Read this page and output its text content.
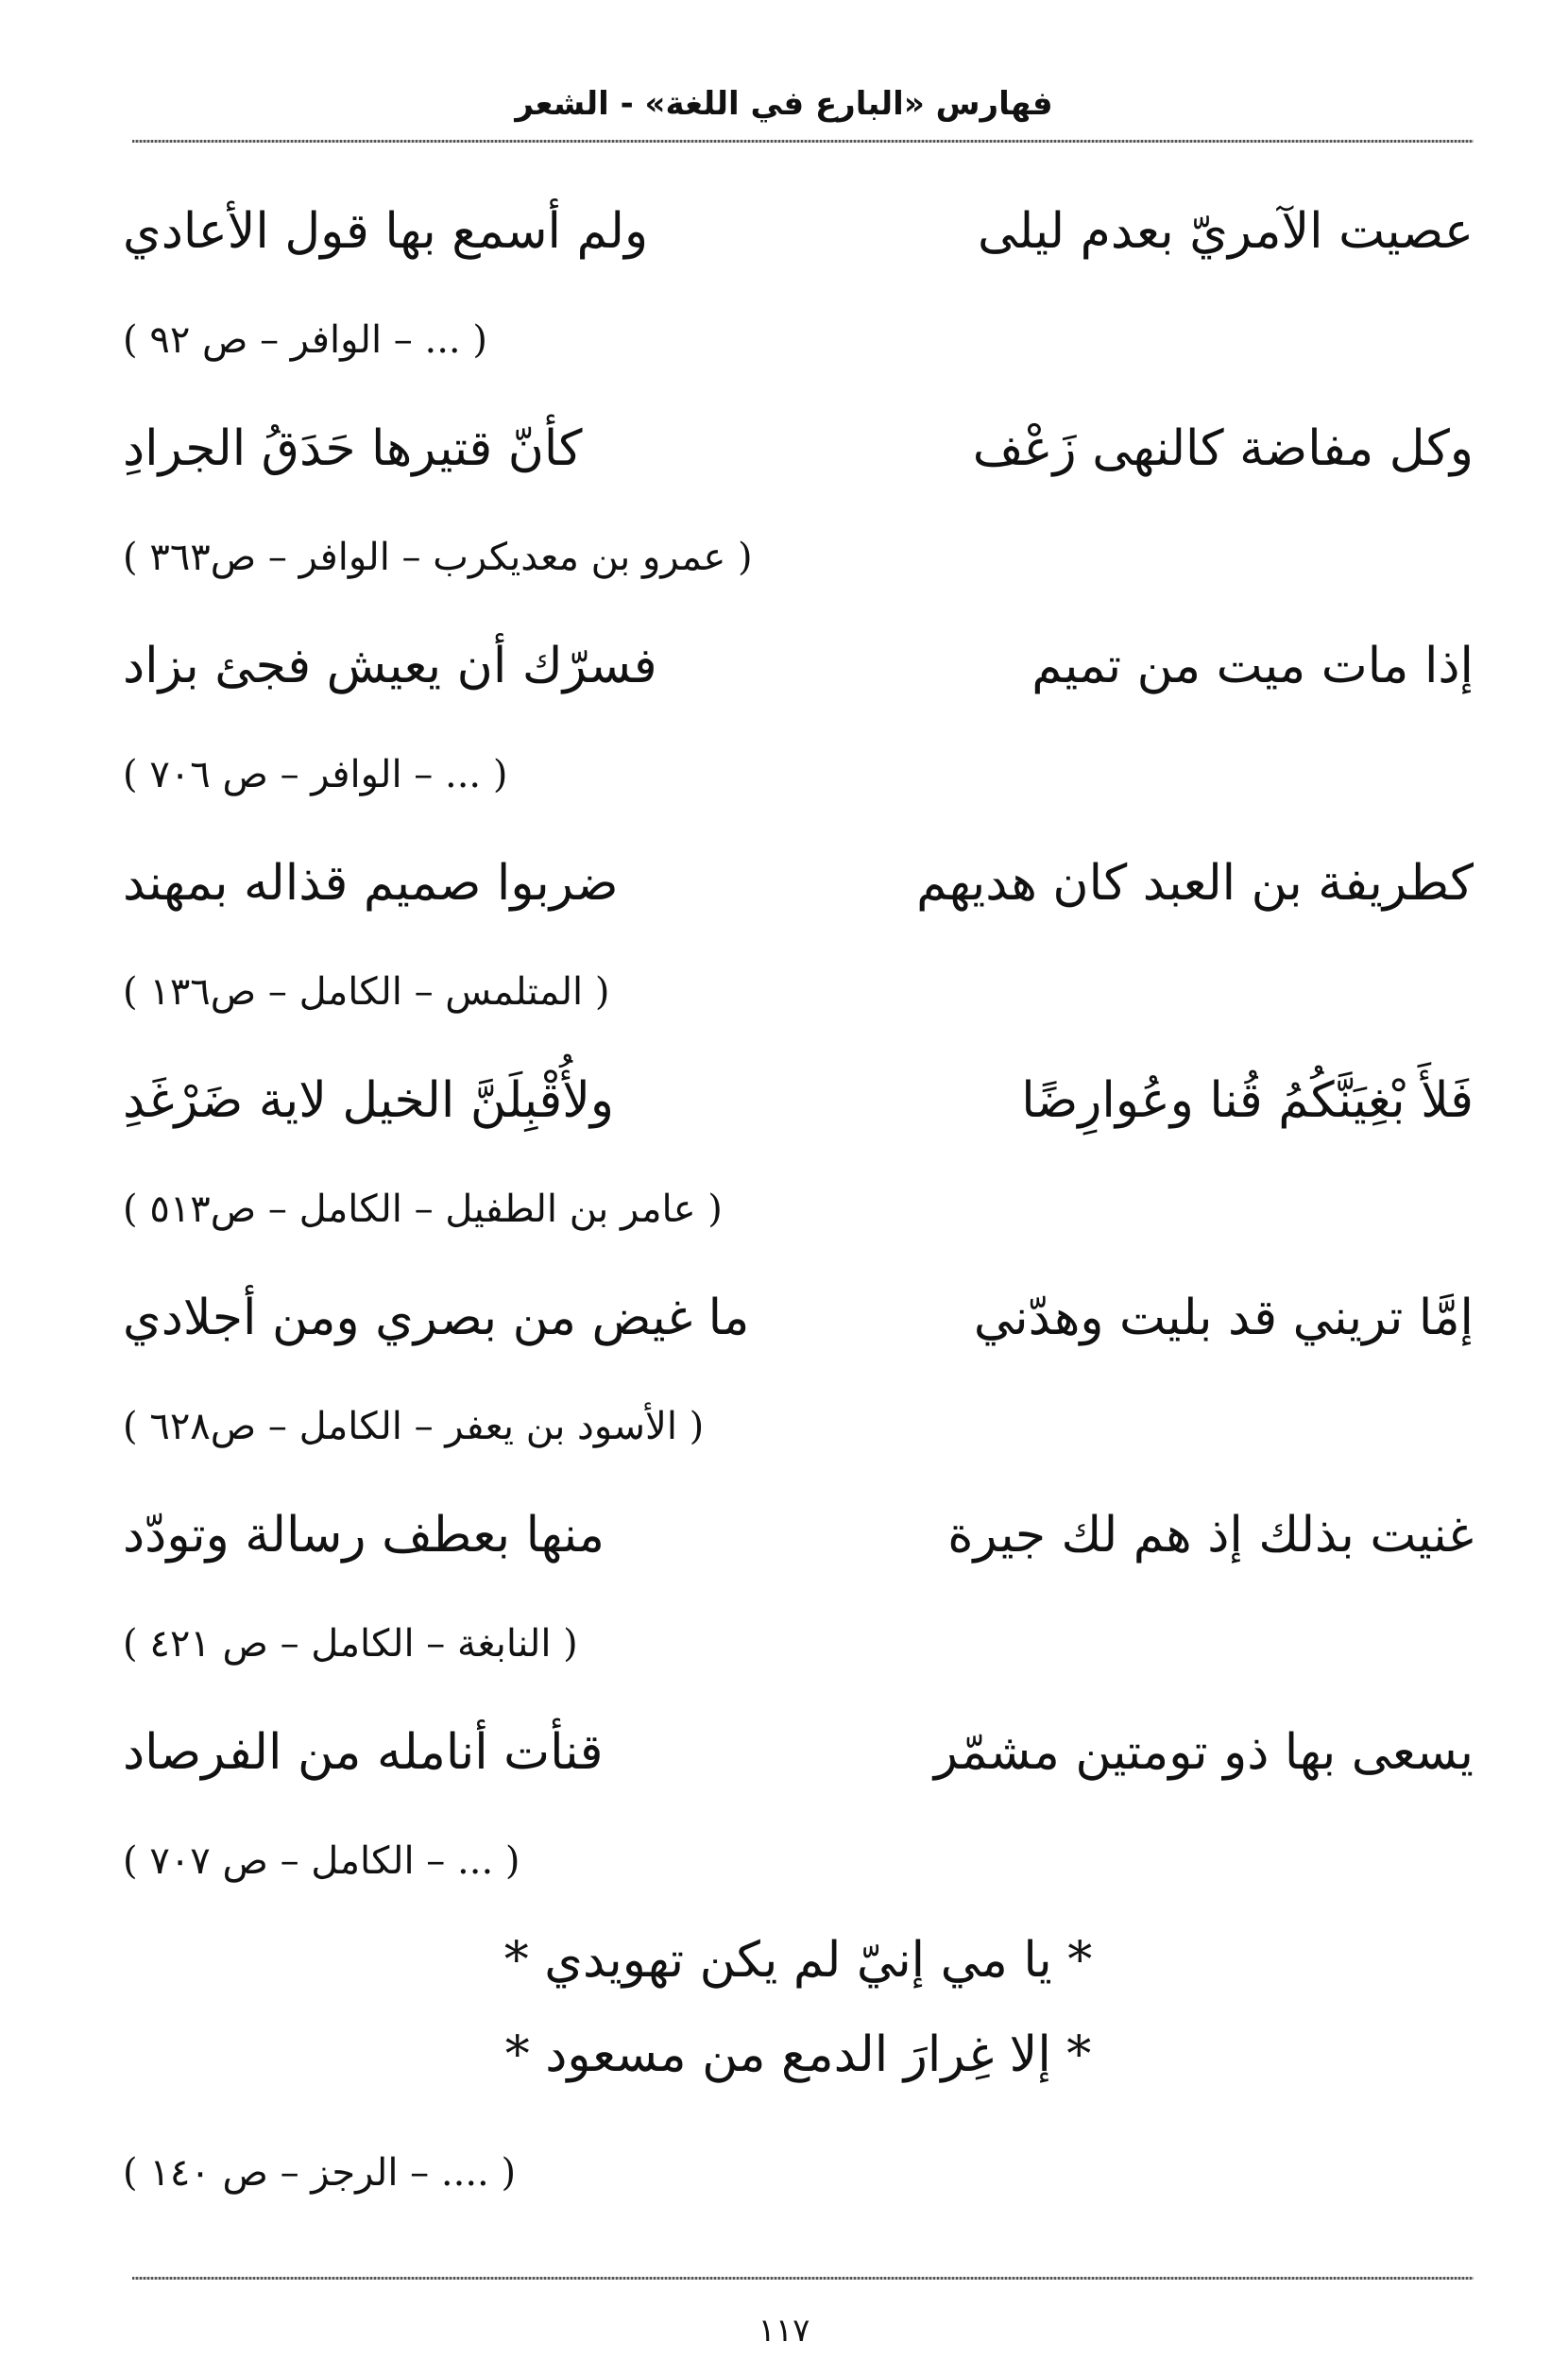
فهارس «البارع في اللغة» - الشعر
عصيت الآمريّ بعدم ليلى
ولم أسمع بها قول الأعادي
( ... – الوافر – ص ٩٢ )
وكل مفاضة كالنهى زَعْف
كأنّ قتيرها حَدَقُ الجرادِ
( عمرو بن معديكرب – الوافر – ص٣٦٣ )
إذا مات ميت من تميم
فسرّك أن يعيش فجئ بزاد
( ... – الوافر – ص ٧٠٦ )
كطريفة بن العبد كان هديهم
ضربوا صميم قذاله بمهند
( المتلمس – الكامل – ص١٣٦ )
فَلأَ بْغِيَنَّكُمُ قُنا وعُوارِضًا
ولأُقْبِلَنَّ الخيل لاية ضَرْغَدِ
( عامر بن الطفيل – الكامل – ص٥١٣ )
إمَّا تريني قد بليت وهدّني
ما غيض من بصري ومن أجلادي
( الأسود بن يعفر – الكامل – ص٦٢٨ )
غنيت بذلك إذ هم لك جيرة
منها بعطف رسالة وتودّد
( النابغة – الكامل – ص ٤٢١ )
يسعى بها ذو تومتين مشمّر
قنأت أنامله من الفرصاد
( ... – الكامل – ص ٧٠٧ )
* يا مي إنيّ لم يكن تهويدي *
* إلا غِرارَ الدمع من مسعود *
( .... – الرجز – ص ١٤٠ )
١١٧
